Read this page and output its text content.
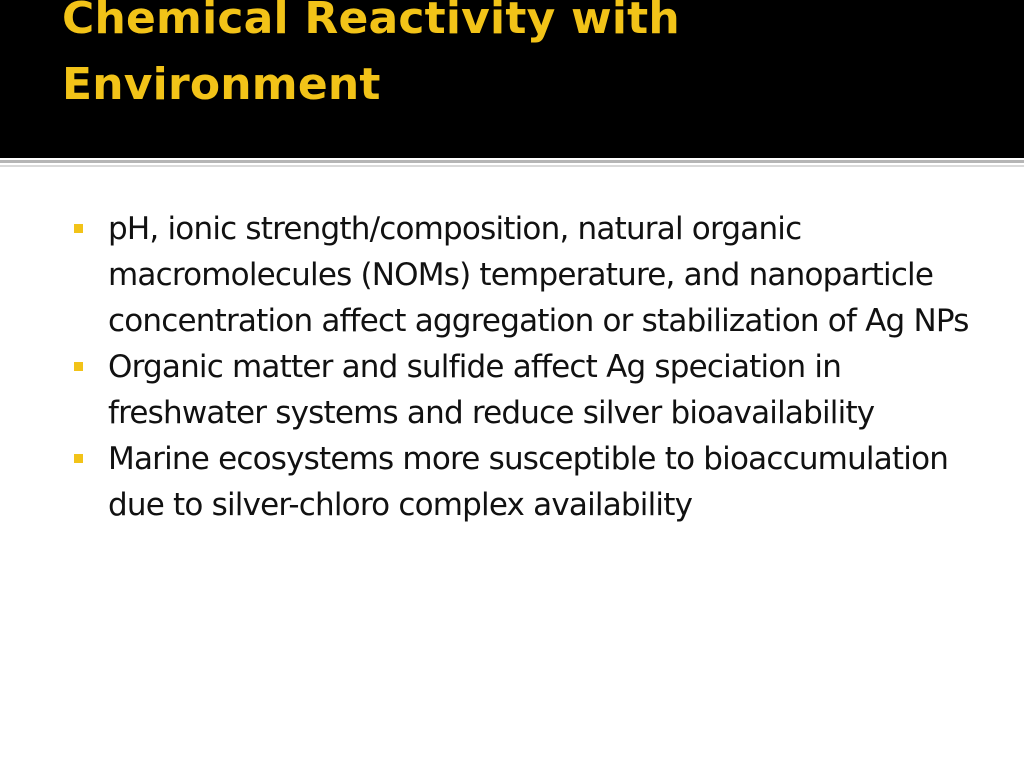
Chemical Reactivity with
Environment
pH, ionic strength/composition, natural organic macromolecules (NOMs) temperature, and nanoparticle concentration affect aggregation or stabilization of Ag NPs
Organic matter and sulfide affect Ag speciation in freshwater systems and reduce silver bioavailability
Marine ecosystems more susceptible to bioaccumulation due to silver-chloro complex availability
